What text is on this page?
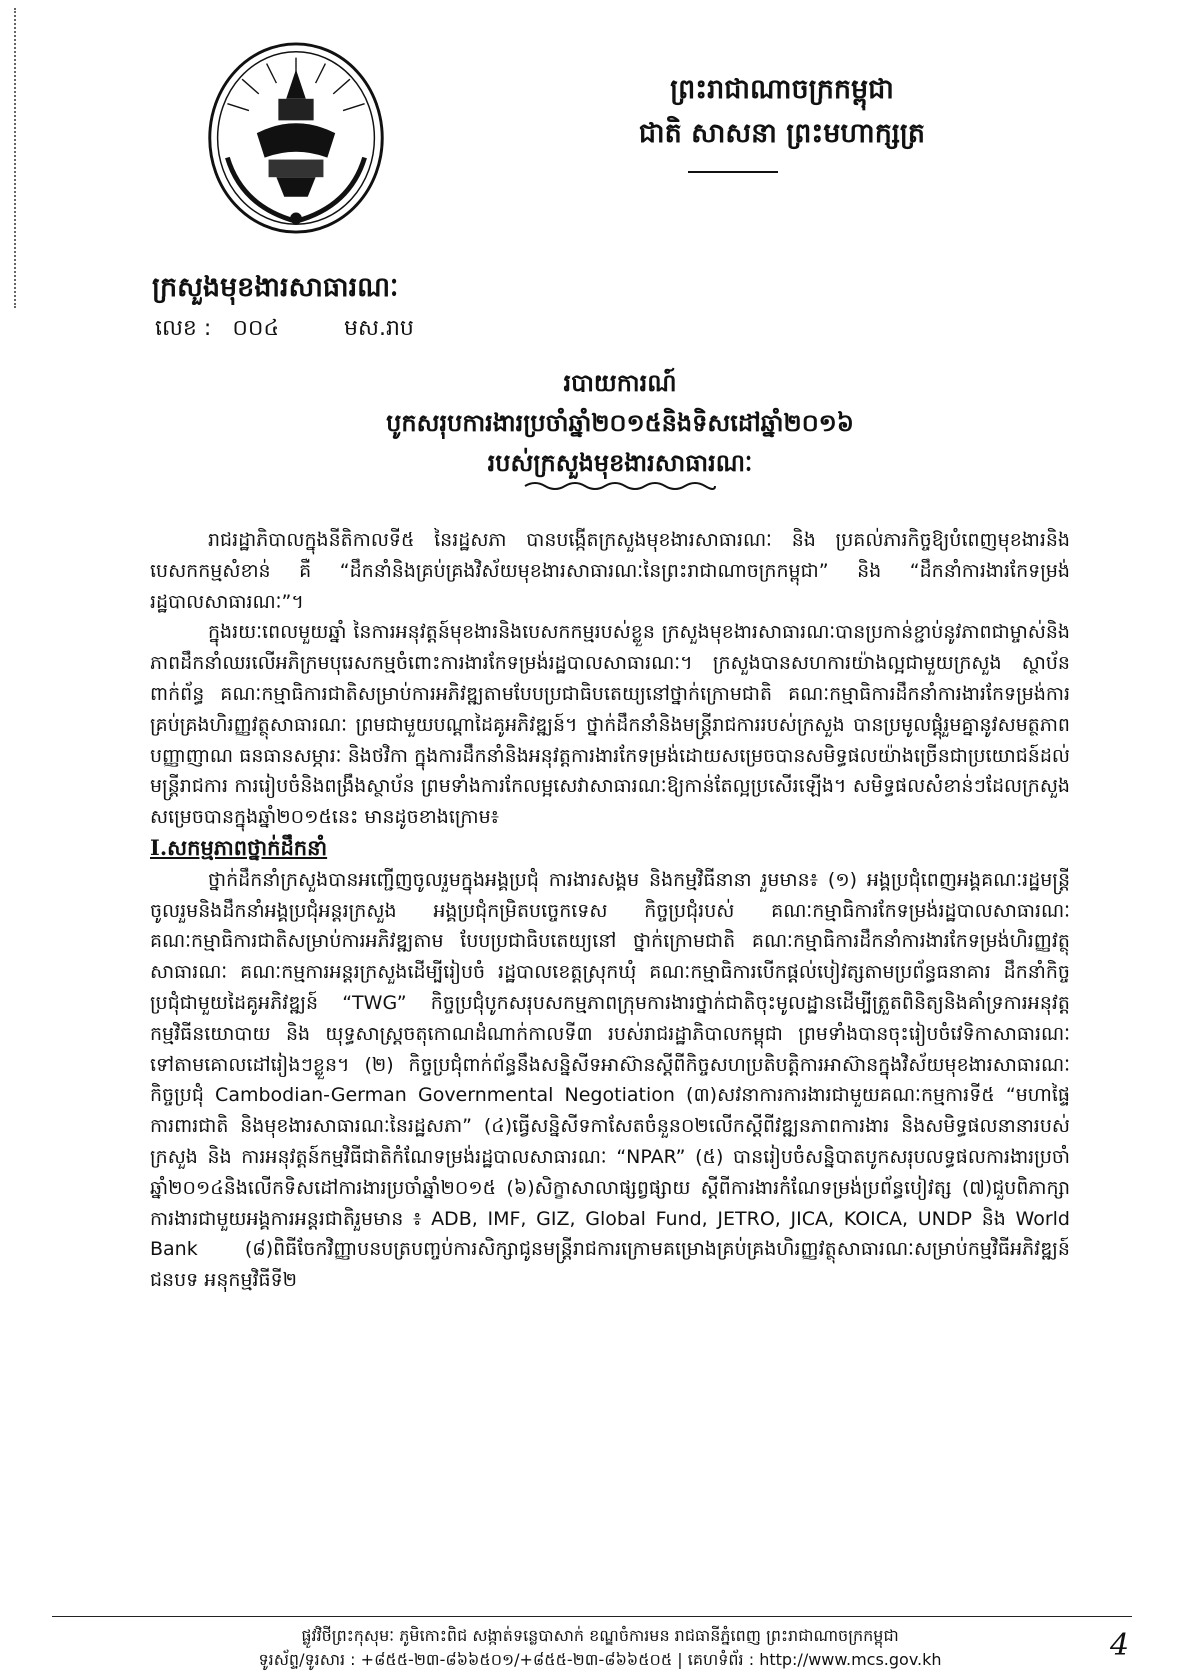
ព្រះរាជាណាចក្រកម្ពុជា
ជាតិ សាសនា ព្រះមហាក្សត្រ
ក្រសួងមុខងារសាធារណៈ
លេខ : ០០៤	មស.រាប
របាយការណ៍
បូកសរុបការងារប្រចាំឆ្នាំ២០១៥និងទិសដៅឆ្នាំ២០១៦
របស់ក្រសួងមុខងារសាធារណៈ

រាជរដ្ឋាភិបាលក្នុងនីតិកាលទី៥ នៃរដ្ឋសភា បានបង្កើតក្រសួងមុខងារសាធារណៈ និង ប្រគល់ភារកិច្ចឱ្យបំពេញមុខងារនិងបេសកកម្មសំខាន់ គឺ “ដឹកនាំនិងគ្រប់គ្រងវិស័យមុខងារសាធារណៈនៃព្រះរាជាណាចក្រកម្ពុជា” និង “ដឹកនាំការងារកែទម្រង់រដ្ឋបាលសាធារណៈ”។

ក្នុងរយៈពេលមួយឆ្នាំ នៃការអនុវត្តន៍មុខងារនិងបេសកកម្មរបស់ខ្លួន ក្រសួងមុខងារសាធារណៈបានប្រកាន់ខ្ជាប់នូវភាពជាម្ចាស់និងភាពដឹកនាំឈរលើអភិក្រមបុរេសកម្មចំពោះការងារកែទម្រង់រដ្ឋបាលសាធារណៈ។ ក្រសួងបានសហការយ៉ាងល្អជាមួយក្រសួង ស្ថាប័នពាក់ព័ន្ធ គណៈកម្មាធិការជាតិសម្រាប់ការអភិវឌ្ឍតាមបែបប្រជាធិបតេយ្យនៅថ្នាក់ក្រោមជាតិ គណៈកម្មាធិការដឹកនាំការងារកែទម្រង់ការគ្រប់គ្រងហិរញ្ញវត្ថុសាធារណៈ ព្រមជាមួយបណ្តាដៃគូអភិវឌ្ឍន៍។ ថ្នាក់ដឹកនាំនិងមន្ត្រីរាជការរបស់ក្រសួង បានប្រមូលផ្តុំរួមគ្នានូវសមត្ថភាព បញ្ញាញាណ ធនធានសម្ភារៈ និងថវិកា ក្នុងការដឹកនាំនិងអនុវត្តការងារកែទម្រង់ដោយសម្រេចបានសមិទ្ធផលយ៉ាងច្រើនជាប្រយោជន៍ដល់មន្ត្រីរាជការ ការរៀបចំនិងពង្រឹងស្ថាប័ន ព្រមទាំងការកែលម្អសេវាសាធារណៈឱ្យកាន់តែល្អប្រសើរឡើង។ សមិទ្ធផលសំខាន់ៗដែលក្រសួងសម្រេចបានក្នុងឆ្នាំ២០១៥នេះ មានដូចខាងក្រោម៖

I.សកម្មភាពថ្នាក់ដឹកនាំ

ថ្នាក់ដឹកនាំក្រសួងបានអញ្ជើញចូលរួមក្នុងអង្គប្រជុំ ការងារសង្គម និងកម្មវិធីនានា រួមមាន៖ (១) អង្គប្រជុំពេញអង្គគណៈរដ្ឋមន្ត្រី ចូលរួមនិងដឹកនាំអង្គប្រជុំអន្តរក្រសួង អង្គប្រជុំកម្រិតបច្ចេកទេស កិច្ចប្រជុំរបស់ គណៈកម្មាធិការកែទម្រង់រដ្ឋបាលសាធារណៈ គណៈកម្មាធិការជាតិសម្រាប់ការអភិវឌ្ឍតាម បែបប្រជាធិបតេយ្យនៅ ថ្នាក់ក្រោមជាតិ គណៈកម្មាធិការដឹកនាំការងារកែទម្រង់ហិរញ្ញវត្ថុសាធារណៈ គណៈកម្មការអន្តរក្រសួងដើម្បីរៀបចំ រដ្ឋបាលខេត្តស្រុកឃុំ គណៈកម្មាធិការបើកផ្តល់បៀវត្សតាមប្រព័ន្ធធនាគារ ដឹកនាំកិច្ចប្រជុំជាមួយដៃគូអភិវឌ្ឍន៍ “TWG” កិច្ចប្រជុំបូកសរុបសកម្មភាពក្រុមការងារថ្នាក់ជាតិចុះមូលដ្ឋានដើម្បីត្រួតពិនិត្យនិងគាំទ្រការអនុវត្តកម្មវិធីនយោបាយ និង យុទ្ធសាស្ត្រចតុកោណដំណាក់កាលទី៣ របស់រាជរដ្ឋាភិបាលកម្ពុជា ព្រមទាំងបានចុះរៀបចំវេទិកាសាធារណៈ ទៅតាមគោលដៅរៀងៗខ្លួន។ (២) កិច្ចប្រជុំពាក់ព័ន្ធនឹងសន្និសីទអាស៊ានស្តីពីកិច្ចសហប្រតិបត្តិការអាស៊ានក្នុងវិស័យមុខងារសាធារណៈ កិច្ចប្រជុំ Cambodian-German Governmental Negotiation (៣)សវនាការការងារជាមួយគណៈកម្មការទី៥ “មហាផ្ទៃ ការពារជាតិ និងមុខងារសាធារណៈនៃរដ្ឋសភា” (៤)ធ្វើសន្និសីទកាសែតចំនួន០២លើកស្តីពីវឌ្ឍនភាពការងារ និងសមិទ្ធផលនានារបស់ក្រសួង និង ការអនុវត្តន៍កម្មវិធីជាតិកំណែទម្រង់រដ្ឋបាលសាធារណៈ “NPAR” (៥) បានរៀបចំសន្និបាតបូកសរុបលទ្ធផលការងារប្រចាំឆ្នាំ២០១៤និងលើកទិសដៅការងារប្រចាំឆ្នាំ២០១៥ (៦)សិក្ខាសាលាផ្សព្វផ្សាយ ស្តីពីការងារកំណែទម្រង់ប្រព័ន្ធបៀវត្ស (៧)ជួបពិភាក្សាការងារជាមួយអង្គការអន្តរជាតិរួមមាន ៖ ADB, IMF, GIZ, Global Fund, JETRO, JICA, KOICA, UNDP និង World Bank (៨)ពិធីចែកវិញ្ញាបនបត្របញ្ចប់ការសិក្សាជូនមន្ត្រីរាជការក្រោមគម្រោងគ្រប់គ្រងហិរញ្ញវត្ថុសាធារណៈសម្រាប់កម្មវិធីអភិវឌ្ឍន៍ជនបទ អនុកម្មវិធីទី២

ផ្លូវវិថីព្រះកុសុមៈ ភូមិកោះពិជ សង្កាត់ទន្លេបាសាក់ ខណ្ឌចំការមន រាជធានីភ្នំពេញ ព្រះរាជាណាចក្រកម្ពុជា
ទូរស័ព្ទ/ទូរសារ : +៨៥៥-២៣-៨៦៦៥០១/+៨៥៥-២៣-៨៦៦៥០៥ | គេហទំព័រ : http://www.mcs.gov.kh	4
